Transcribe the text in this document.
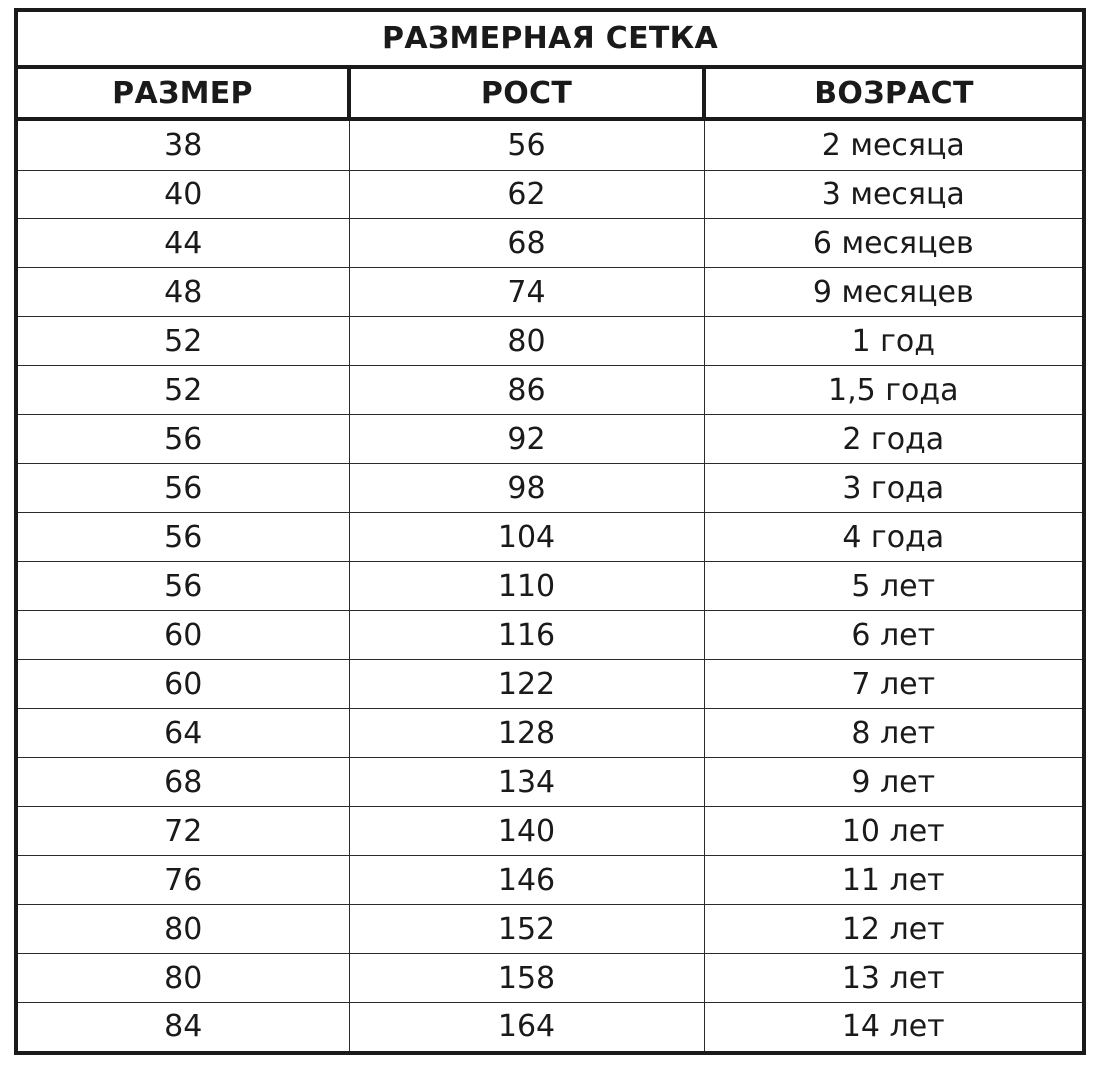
РАЗМЕРНАЯ СЕТКА		
РАЗМЕР	РОСТ	ВОЗРАСТ
38	56	2 месяца
40	62	3 месяца
44	68	6 месяцев
48	74	9 месяцев
52	80	1 год
52	86	1,5 года
56	92	2 года
56	98	3 года
56	104	4 года
56	110	5 лет
60	116	6 лет
60	122	7 лет
64	128	8 лет
68	134	9 лет
72	140	10 лет
76	146	11 лет
80	152	12 лет
80	158	13 лет
84	164	14 лет
